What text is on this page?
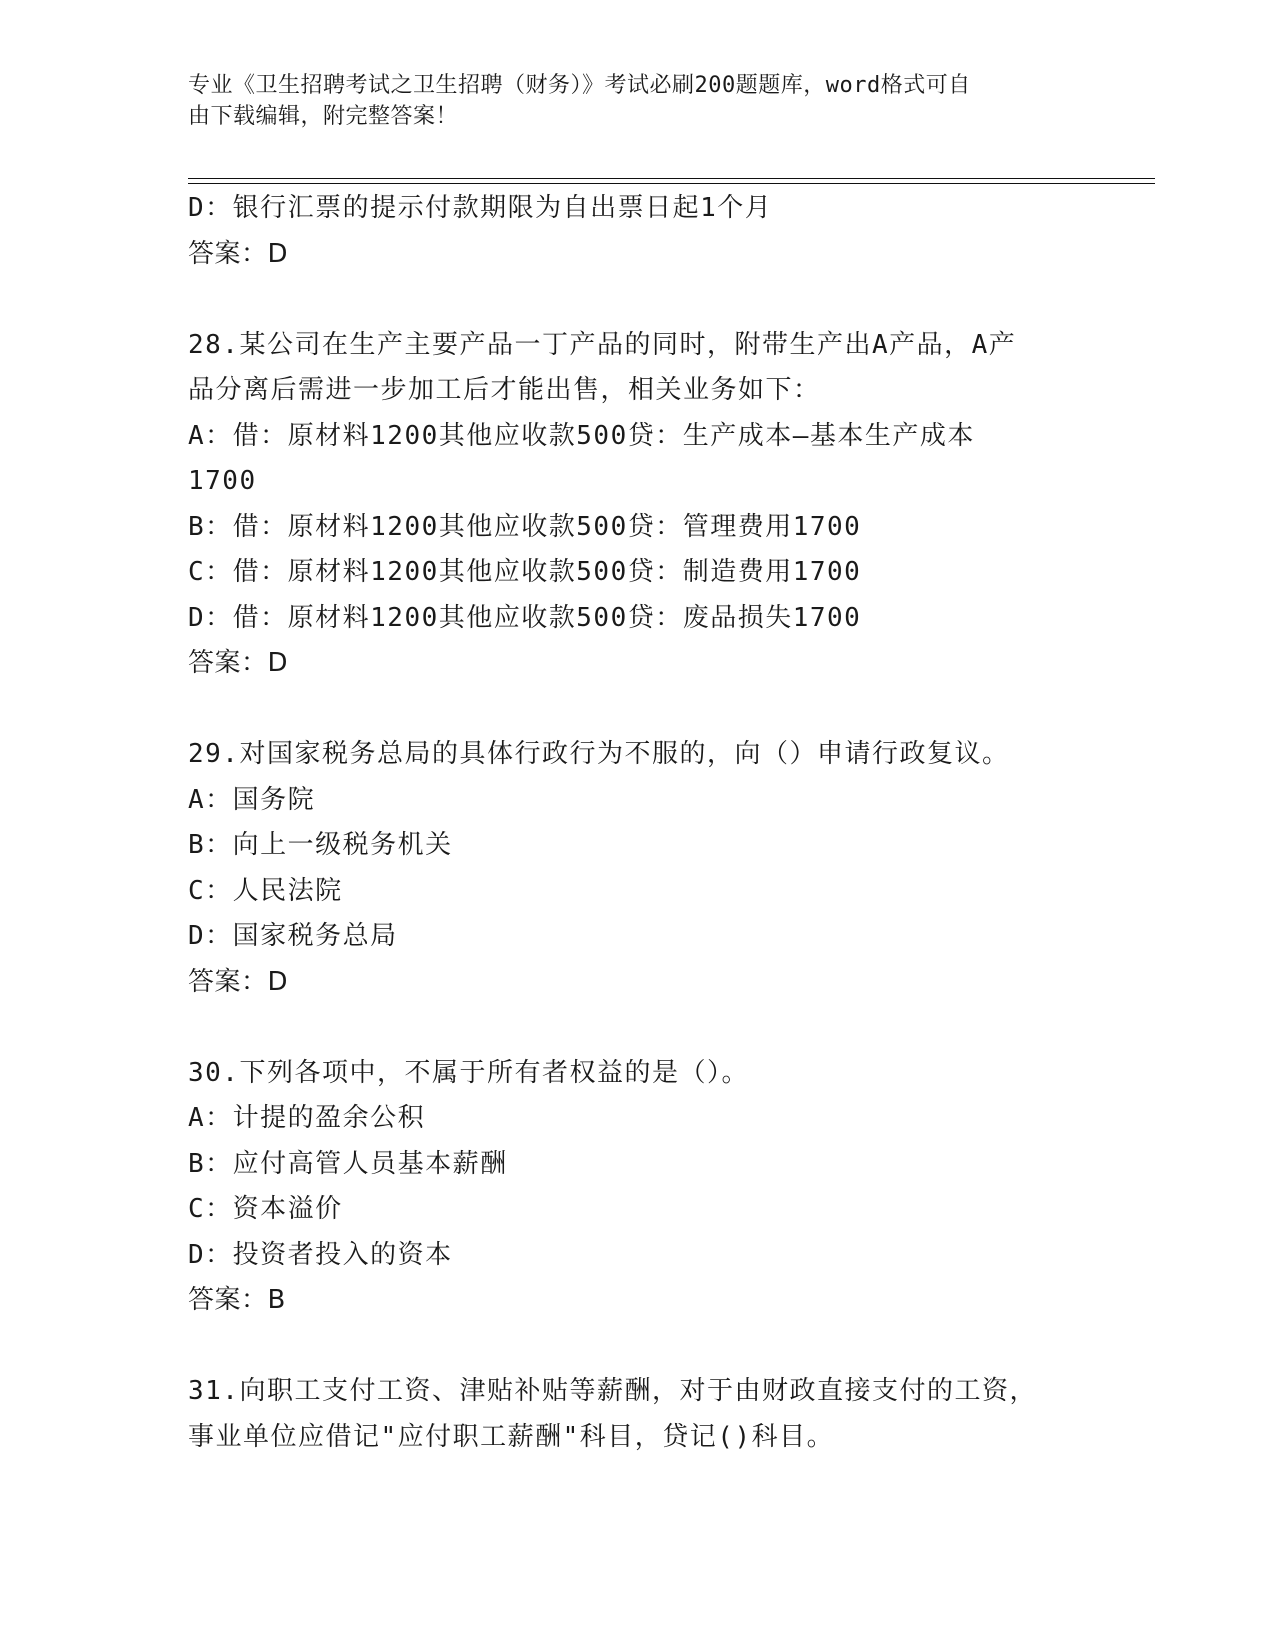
专业《卫生招聘考试之卫生招聘（财务）》考试必刷200题题库，word格式可自
由下载编辑，附完整答案！
D：银行汇票的提示付款期限为自出票日起1个月
答案：D
28.某公司在生产主要产品一丁产品的同时，附带生产出A产品，A产
品分离后需进一步加工后才能出售，相关业务如下：
A：借：原材料1200其他应收款500贷：生产成本—基本生产成本
1700
B：借：原材料1200其他应收款500贷：管理费用1700
C：借：原材料1200其他应收款500贷：制造费用1700
D：借：原材料1200其他应收款500贷：废品损失1700
答案：D
29.对国家税务总局的具体行政行为不服的，向（）申请行政复议。
A：国务院
B：向上一级税务机关
C：人民法院
D：国家税务总局
答案：D
30.下列各项中，不属于所有者权益的是（）。
A：计提的盈余公积
B：应付高管人员基本薪酬
C：资本溢价
D：投资者投入的资本
答案：B
31.向职工支付工资、津贴补贴等薪酬，对于由财政直接支付的工资，
事业单位应借记"应付职工薪酬"科目，贷记()科目。
